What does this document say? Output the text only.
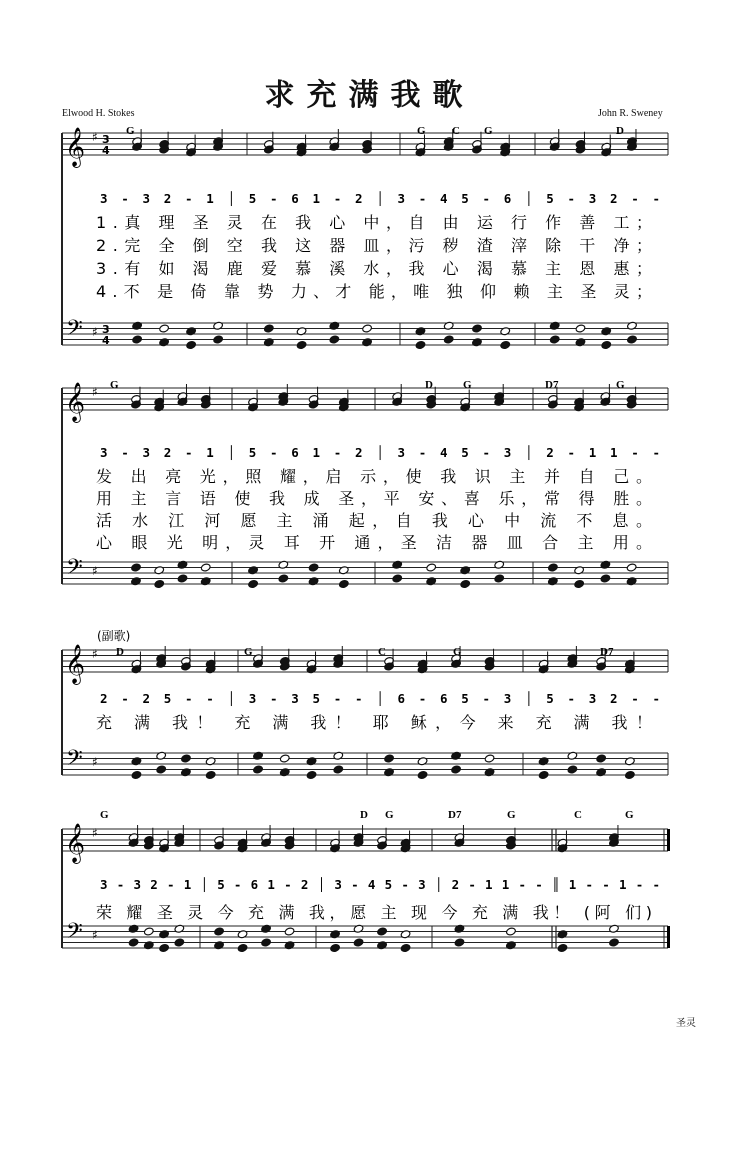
求充满我歌
Elwood H. Stokes	John R. Sweney
(副歌)
𝄞 ♯
𝄢 ♯
3
4
3
4
G	G C G	D
3 - 3 2 - 1 │ 5 - 6 1 - 2 │ 3 - 4 5 - 6 │ 5 - 3 2 - -
1.真 理 圣 灵 在 我 心 中，自 由 运 行 作 善 工；
2.完 全 倒 空 我 这 器 皿，污 秽 渣 滓 除 干 净；
3.有 如 渴 鹿 爱 慕 溪 水，我 心 渴 慕 主 恩 惠；
4.不 是 倚 靠 势 力、才 能，唯 独 仰 赖 主 圣 灵；
𝄞 ♯
𝄢 ♯
G	D	G	D7	G
3 - 3 2 - 1 │ 5 - 6 1 - 2 │ 3 - 4 5 - 3 │ 2 - 1 1 - -
发 出 亮 光，照 耀，启 示，使 我 识 主 并 自 己。
用 主 言 语 使 我 成 圣，平 安、喜 乐，常 得 胜。
活 水 江 河 愿 主 涌 起，自 我 心 中 流 不 息。
心 眼 光 明，灵 耳 开 通，圣 洁 器 皿 合 主 用。
𝄞 ♯
𝄢 ♯
D	G	C	G	D7
2 - 2 5 - - │ 3 - 3 5 - - │ 6 - 6 5 - 3 │ 5 - 3 2 - -
充 满 我！ 充 满 我！ 耶 稣，今 来 充 满 我！
𝄞 ♯
𝄢 ♯
G	D G	D7	G	C	G
3 - 3 2 - 1 │ 5 - 6 1 - 2 │ 3 - 4 5 - 3 │ 2 - 1 1 - - ║ 1 - - 1 - -
荣 耀 圣 灵 今 充 满 我，愿 主 现 今 充 满 我！ (阿 们)
圣灵
